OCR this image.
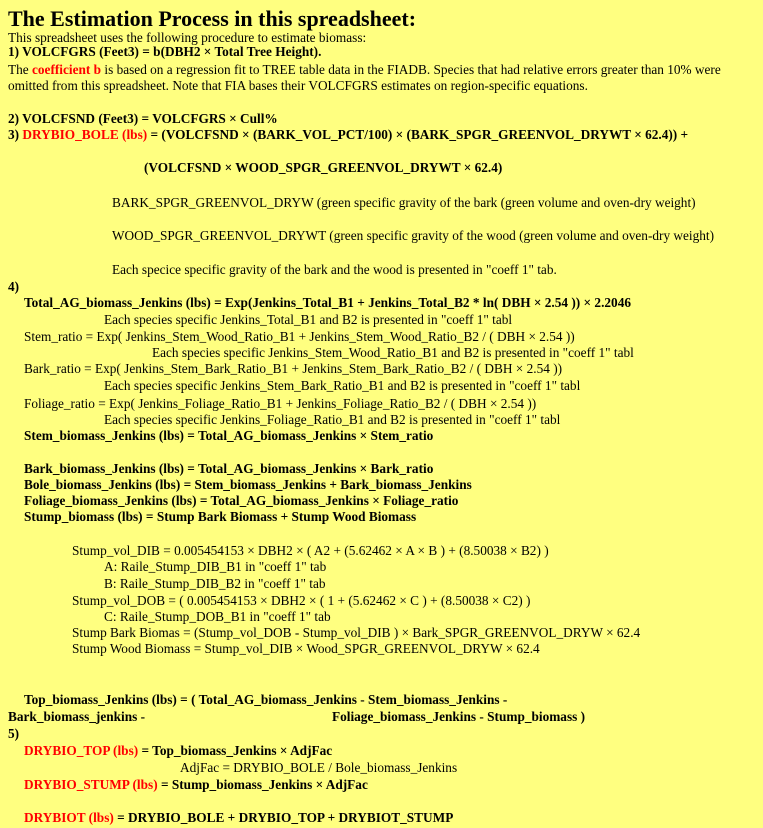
The Estimation Process in this spreadsheet:
This spreadsheet uses the following procedure to estimate biomass:
1) VOLCFGRS (Feet3) = b(DBH2 × Total Tree Height).
The coefficient b is based on a regression fit to TREE table data in the FIADB. Species that had relative errors greater than 10% were omitted from this spreadsheet. Note that FIA bases their VOLCFGRS estimates on region-specific equations.
2) VOLCFSND (Feet3) = VOLCFGRS × Cull%
3) DRYBIO_BOLE (lbs) = (VOLCFSND × (BARK_VOL_PCT/100) × (BARK_SPGR_GREENVOL_DRYWT × 62.4)) +
(VOLCFSND × WOOD_SPGR_GREENVOL_DRYWT × 62.4)
BARK_SPGR_GREENVOL_DRYW (green specific gravity of the bark (green volume and oven-dry weight)
WOOD_SPGR_GREENVOL_DRYWT (green specific gravity of the wood (green volume and oven-dry weight)
Each specice specific gravity of the bark and the wood is presented in "coeff 1" tab.
4)
Total_AG_biomass_Jenkins (lbs) = Exp(Jenkins_Total_B1 + Jenkins_Total_B2 * ln( DBH × 2.54 )) × 2.2046
Each species specific Jenkins_Total_B1 and B2 is presented in "coeff 1" tabl
Stem_ratio = Exp( Jenkins_Stem_Wood_Ratio_B1 + Jenkins_Stem_Wood_Ratio_B2 / ( DBH × 2.54 ))
Each species specific Jenkins_Stem_Wood_Ratio_B1 and B2 is presented in "coeff 1" tabl
Bark_ratio = Exp( Jenkins_Stem_Bark_Ratio_B1 + Jenkins_Stem_Bark_Ratio_B2 / ( DBH × 2.54 ))
Each species specific Jenkins_Stem_Bark_Ratio_B1 and B2 is presented in "coeff 1" tabl
Foliage_ratio = Exp( Jenkins_Foliage_Ratio_B1 + Jenkins_Foliage_Ratio_B2 / ( DBH × 2.54 ))
Each species specific Jenkins_Foliage_Ratio_B1 and B2 is presented in "coeff 1" tabl
Stem_biomass_Jenkins (lbs) = Total_AG_biomass_Jenkins × Stem_ratio
Bark_biomass_Jenkins (lbs) = Total_AG_biomass_Jenkins × Bark_ratio
Bole_biomass_Jenkins (lbs) = Stem_biomass_Jenkins + Bark_biomass_Jenkins
Foliage_biomass_Jenkins (lbs) = Total_AG_biomass_Jenkins × Foliage_ratio
Stump_biomass (lbs) = Stump Bark Biomass + Stump Wood Biomass
Stump_vol_DIB = 0.005454153 × DBH2 × ( A2 + (5.62462 × A × B ) + (8.50038 × B2) )
A: Raile_Stump_DIB_B1 in "coeff 1" tab
B: Raile_Stump_DIB_B2 in "coeff 1" tab
Stump_vol_DOB = ( 0.005454153 × DBH2 × ( 1 + (5.62462 × C ) + (8.50038 × C2) )
C: Raile_Stump_DOB_B1 in "coeff 1" tab
Stump Bark Biomas = (Stump_vol_DOB - Stump_vol_DIB ) × Bark_SPGR_GREENVOL_DRYW × 62.4
Stump Wood Biomass = Stump_vol_DIB × Wood_SPGR_GREENVOL_DRYW × 62.4
Top_biomass_Jenkins (lbs) = ( Total_AG_biomass_Jenkins - Stem_biomass_Jenkins -
Bark_biomass_jenkins -	Foliage_biomass_Jenkins - Stump_biomass )
5)
DRYBIO_TOP (lbs) = Top_biomass_Jenkins × AdjFac
AdjFac = DRYBIO_BOLE / Bole_biomass_Jenkins
DRYBIO_STUMP (lbs) = Stump_biomass_Jenkins × AdjFac
DRYBIOT (lbs) = DRYBIO_BOLE + DRYBIO_TOP + DRYBIOT_STUMP
